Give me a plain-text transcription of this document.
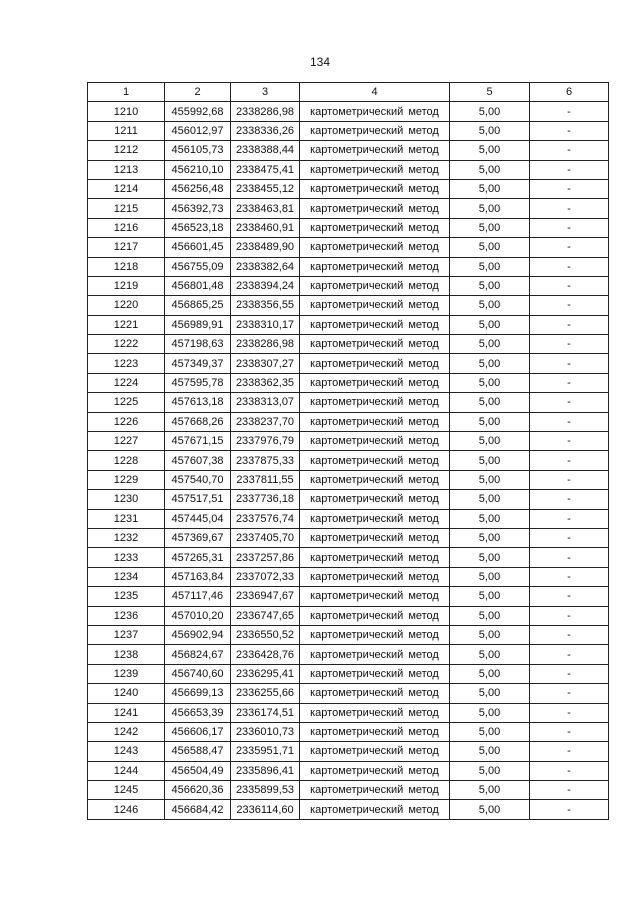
134
1	2	3	4	5	6
1210	455992,68	2338286,98	картометрический метод	5,00	-
1211	456012,97	2338336,26	картометрический метод	5,00	-
1212	456105,73	2338388,44	картометрический метод	5,00	-
1213	456210,10	2338475,41	картометрический метод	5,00	-
1214	456256,48	2338455,12	картометрический метод	5,00	-
1215	456392,73	2338463,81	картометрический метод	5,00	-
1216	456523,18	2338460,91	картометрический метод	5,00	-
1217	456601,45	2338489,90	картометрический метод	5,00	-
1218	456755,09	2338382,64	картометрический метод	5,00	-
1219	456801,48	2338394,24	картометрический метод	5,00	-
1220	456865,25	2338356,55	картометрический метод	5,00	-
1221	456989,91	2338310,17	картометрический метод	5,00	-
1222	457198,63	2338286,98	картометрический метод	5,00	-
1223	457349,37	2338307,27	картометрический метод	5,00	-
1224	457595,78	2338362,35	картометрический метод	5,00	-
1225	457613,18	2338313,07	картометрический метод	5,00	-
1226	457668,26	2338237,70	картометрический метод	5,00	-
1227	457671,15	2337976,79	картометрический метод	5,00	-
1228	457607,38	2337875,33	картометрический метод	5,00	-
1229	457540,70	2337811,55	картометрический метод	5,00	-
1230	457517,51	2337736,18	картометрический метод	5,00	-
1231	457445,04	2337576,74	картометрический метод	5,00	-
1232	457369,67	2337405,70	картометрический метод	5,00	-
1233	457265,31	2337257,86	картометрический метод	5,00	-
1234	457163,84	2337072,33	картометрический метод	5,00	-
1235	457117,46	2336947,67	картометрический метод	5,00	-
1236	457010,20	2336747,65	картометрический метод	5,00	-
1237	456902,94	2336550,52	картометрический метод	5,00	-
1238	456824,67	2336428,76	картометрический метод	5,00	-
1239	456740,60	2336295,41	картометрический метод	5,00	-
1240	456699,13	2336255,66	картометрический метод	5,00	-
1241	456653,39	2336174,51	картометрический метод	5,00	-
1242	456606,17	2336010,73	картометрический метод	5,00	-
1243	456588,47	2335951,71	картометрический метод	5,00	-
1244	456504,49	2335896,41	картометрический метод	5,00	-
1245	456620,36	2335899,53	картометрический метод	5,00	-
1246	456684,42	2336114,60	картометрический метод	5,00	-
